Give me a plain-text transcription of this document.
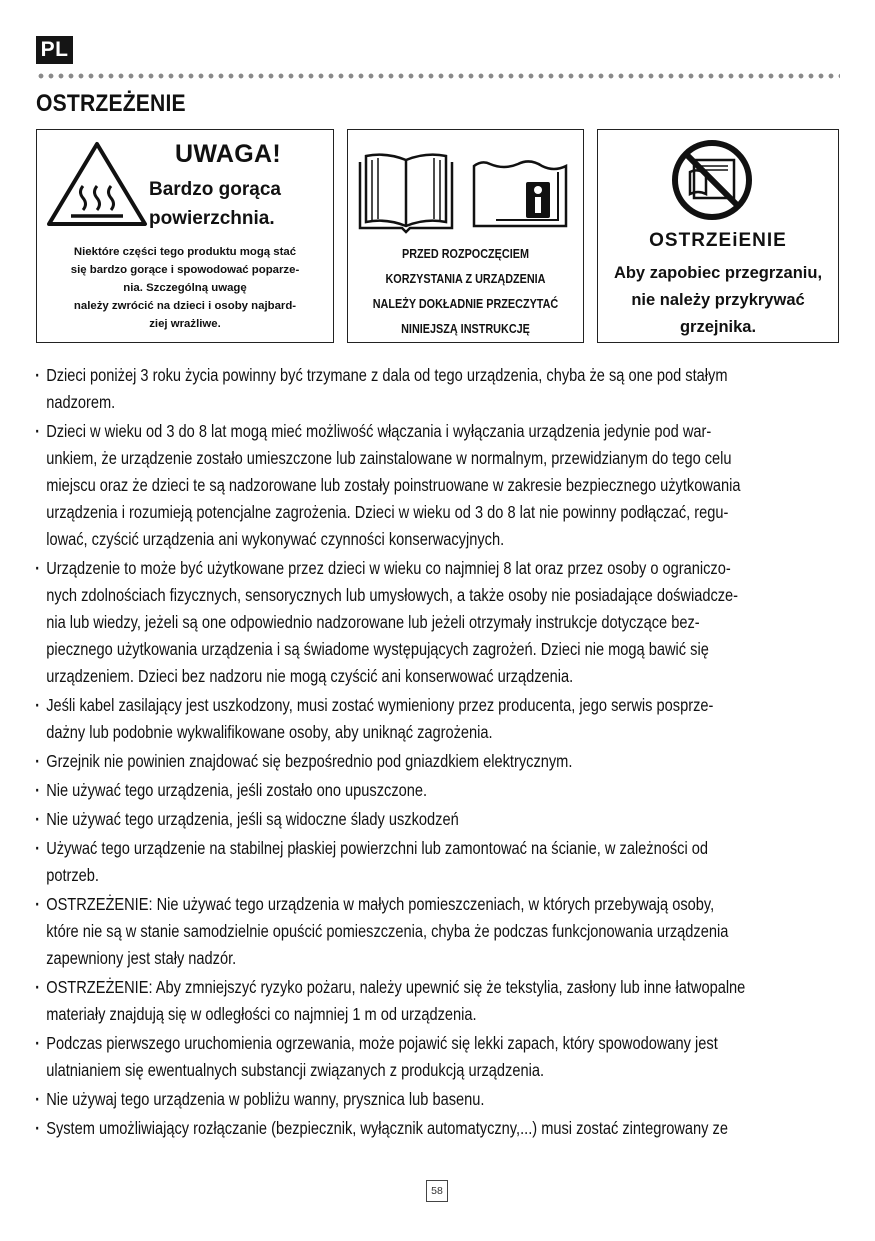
PL
OSTRZEŻENIE
UWAGA!
Bardzo gorąca
powierzchnia.
Niektóre części tego produktu mogą stać
się bardzo gorące i spowodować poparze-
nia. Szczególną uwagę
należy zwrócić na dzieci i osoby najbard-
ziej wrażliwe.
PRZED ROZPOCZĘCIEM
KORZYSTANIA Z URZĄDZENIA
NALEŻY DOKŁADNIE PRZECZYTAĆ
NINIEJSZĄ INSTRUKCJĘ
OSTRZEiENIE
Aby zapobiec przegrzaniu,
nie należy przykrywać
grzejnika.
· Dzieci poniżej 3 roku życia powinny być trzymane z dala od tego urządzenia, chyba że są one pod stałym
nadzorem.
· Dzieci w wieku od 3 do 8 lat mogą mieć możliwość włączania i wyłączania urządzenia jedynie pod war-
unkiem, że urządzenie zostało umieszczone lub zainstalowane w normalnym, przewidzianym do tego celu
miejscu oraz że dzieci te są nadzorowane lub zostały poinstruowane w zakresie bezpiecznego użytkowania
urządzenia i rozumieją potencjalne zagrożenia. Dzieci w wieku od 3 do 8 lat nie powinny podłączać, regu-
lować, czyścić urządzenia ani wykonywać czynności konserwacyjnych.
· Urządzenie to może być użytkowane przez dzieci w wieku co najmniej 8 lat oraz przez osoby o ograniczo-
nych zdolnościach fizycznych, sensorycznych lub umysłowych, a także osoby nie posiadające doświadcze-
nia lub wiedzy, jeżeli są one odpowiednio nadzorowane lub jeżeli otrzymały instrukcje dotyczące bez-
piecznego użytkowania urządzenia i są świadome występujących zagrożeń. Dzieci nie mogą bawić się
urządzeniem. Dzieci bez nadzoru nie mogą czyścić ani konserwować urządzenia.
· Jeśli kabel zasilający jest uszkodzony, musi zostać wymieniony przez producenta, jego serwis posprze-
dażny lub podobnie wykwalifikowane osoby, aby uniknąć zagrożenia.
· Grzejnik nie powinien znajdować się bezpośrednio pod gniazdkiem elektrycznym.
· Nie używać tego urządzenia, jeśli zostało ono upuszczone.
· Nie używać tego urządzenia, jeśli są widoczne ślady uszkodzeń
· Używać tego urządzenie na stabilnej płaskiej powierzchni lub zamontować na ścianie, w zależności od
potrzeb.
· OSTRZEŻENIE: Nie używać tego urządzenia w małych pomieszczeniach, w których przebywają osoby,
które nie są w stanie samodzielnie opuścić pomieszczenia, chyba że podczas funkcjonowania urządzenia
zapewniony jest stały nadzór.
· OSTRZEŻENIE: Aby zmniejszyć ryzyko pożaru, należy upewnić się że tekstylia, zasłony lub inne łatwopalne
materiały znajdują się w odległości co najmniej 1 m od urządzenia.
· Podczas pierwszego uruchomienia ogrzewania, może pojawić się lekki zapach, który spowodowany jest
ulatnianiem się ewentualnych substancji związanych z produkcją urządzenia.
· Nie używaj tego urządzenia w pobliżu wanny, prysznica lub basenu.
· System umożliwiający rozłączanie (bezpiecznik, wyłącznik automatyczny,...) musi zostać zintegrowany ze
58
